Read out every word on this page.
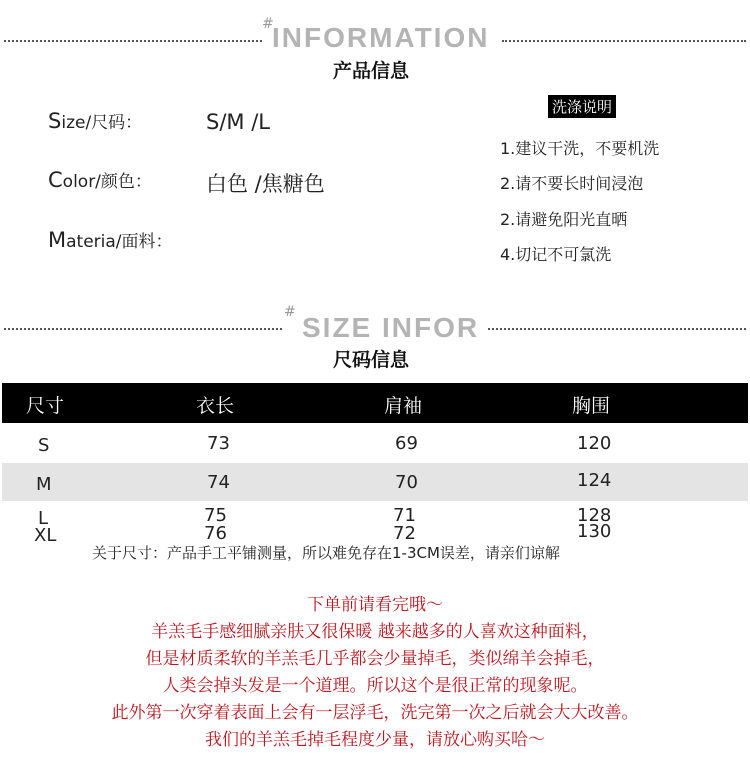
#
INFORMATION
产品信息
Size/尺码：	S/M /L
Color/颜色：	白色 /焦糖色
Materia/面料：
洗涤说明
1.建议干洗，不要机洗
2.请不要长时间浸泡
2.请避免阳光直晒
4.切记不可氯洗
# SIZE INFOR
尺码信息
尺寸	衣长	肩袖	胸围
S	73	69	120
M	74	70	124
L	75	71	128
XL	76	72	130
关于尺寸：产品手工平铺测量，所以难免存在1-3CM误差，请亲们谅解
下单前请看完哦～
羊羔毛手感细腻亲肤又很保暖 越来越多的人喜欢这种面料，
但是材质柔软的羊羔毛几乎都会少量掉毛，类似绵羊会掉毛，
人类会掉头发是一个道理。所以这个是很正常的现象呢。
此外第一次穿着表面上会有一层浮毛，洗完第一次之后就会大大改善。
我们的羊羔毛掉毛程度少量，请放心购买哈～
